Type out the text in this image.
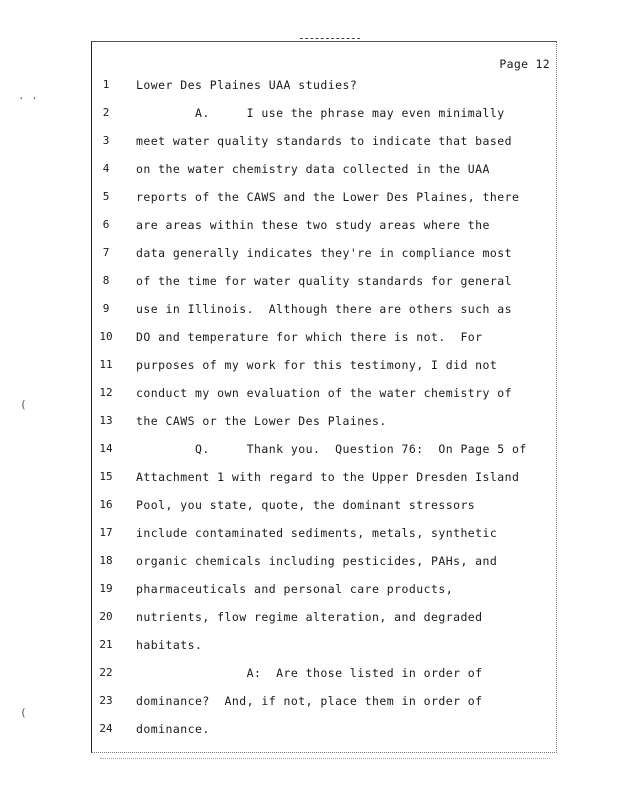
Page 12
· ·
(
(
1	Lower Des Plaines UAA studies?
2	A.     I use the phrase may even minimally
3	meet water quality standards to indicate that based
4	on the water chemistry data collected in the UAA
5	reports of the CAWS and the Lower Des Plaines, there
6	are areas within these two study areas where the
7	data generally indicates they're in compliance most
8	of the time for water quality standards for general
9	use in Illinois.  Although there are others such as
10 DO and temperature for which there is not.  For
11 purposes of my work for this testimony, I did not
12 conduct my own evaluation of the water chemistry of
13 the CAWS or the Lower Des Plaines.
14 Q.     Thank you.  Question 76:  On Page 5 of
15 Attachment 1 with regard to the Upper Dresden Island
16 Pool, you state, quote, the dominant stressors
17 include contaminated sediments, metals, synthetic
18 organic chemicals including pesticides, PAHs, and
19 pharmaceuticals and personal care products,
20 nutrients, flow regime alteration, and degraded
21 habitats.
22 A:  Are those listed in order of
23 dominance?  And, if not, place them in order of
24 dominance.
